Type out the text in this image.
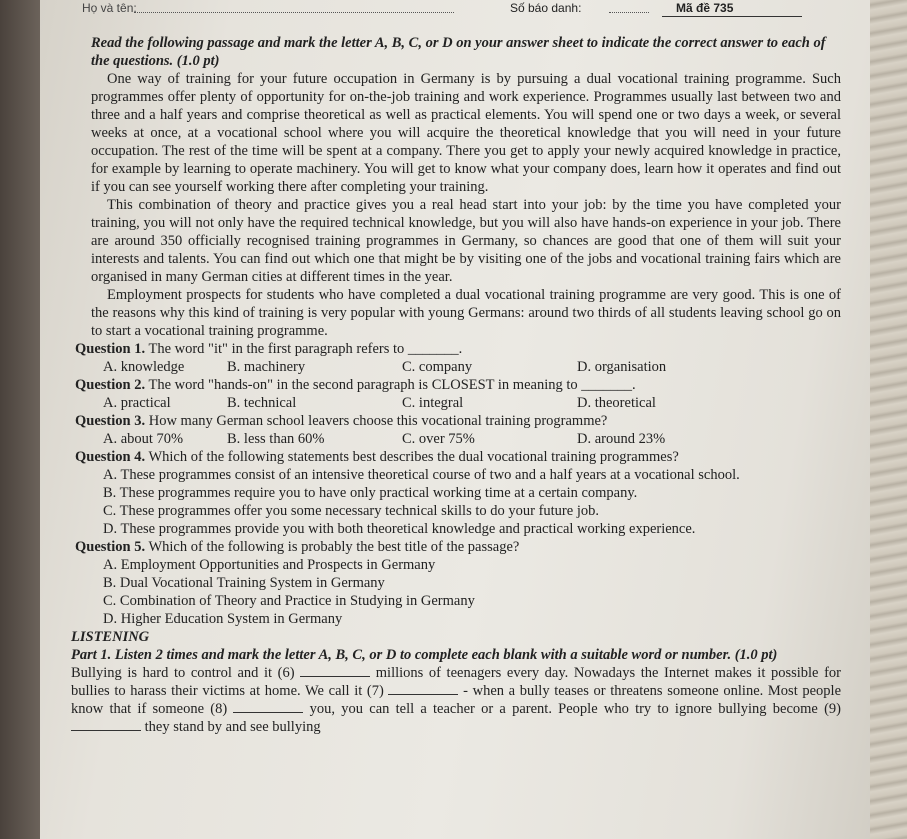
Họ và tên:	Số báo danh:	Mã đề 735
Read the following passage and mark the letter A, B, C, or D on your answer sheet to indicate the correct answer to each of the questions. (1.0 pt)
One way of training for your future occupation in Germany is by pursuing a dual vocational training programme. Such programmes offer plenty of opportunity for on-the-job training and work experience. Programmes usually last between two and three and a half years and comprise theoretical as well as practical elements. You will spend one or two days a week, or several weeks at once, at a vocational school where you will acquire the theoretical knowledge that you will need in your future occupation. The rest of the time will be spent at a company. There you get to apply your newly acquired knowledge in practice, for example by learning to operate machinery. You will get to know what your company does, learn how it operates and find out if you can see yourself working there after completing your training.
This combination of theory and practice gives you a real head start into your job: by the time you have completed your training, you will not only have the required technical knowledge, but you will also have hands-on experience in your job. There are around 350 officially recognised training programmes in Germany, so chances are good that one of them will suit your interests and talents. You can find out which one that might be by visiting one of the jobs and vocational training fairs which are organised in many German cities at different times in the year.
Employment prospects for students who have completed a dual vocational training programme are very good. This is one of the reasons why this kind of training is very popular with young Germans: around two thirds of all students leaving school go on to start a vocational training programme.
Question 1. The word "it" in the first paragraph refers to _______.
A. knowledge	B. machinery	C. company	D. organisation
Question 2. The word "hands-on" in the second paragraph is CLOSEST in meaning to _______.
A. practical	B. technical	C. integral	D. theoretical
Question 3. How many German school leavers choose this vocational training programme?
A. about 70%	B. less than 60%	C. over 75%	D. around 23%
Question 4. Which of the following statements best describes the dual vocational training programmes?
A. These programmes consist of an intensive theoretical course of two and a half years at a vocational school.
B. These programmes require you to have only practical working time at a certain company.
C. These programmes offer you some necessary technical skills to do your future job.
D. These programmes provide you with both theoretical knowledge and practical working experience.
Question 5. Which of the following is probably the best title of the passage?
A. Employment Opportunities and Prospects in Germany
B. Dual Vocational Training System in Germany
C. Combination of Theory and Practice in Studying in Germany
D. Higher Education System in Germany
LISTENING
Part 1. Listen 2 times and mark the letter A, B, C, or D to complete each blank with a suitable word or number. (1.0 pt)
Bullying is hard to control and it (6)	millions of teenagers every day. Nowadays the Internet makes it possible for bullies to harass their victims at home. We call it (7)	- when a bully teases or threatens someone online. Most people know that if someone (8)	you, you can tell a teacher or a parent. People who try to ignore bullying become (9)  they stand by and see bullying
